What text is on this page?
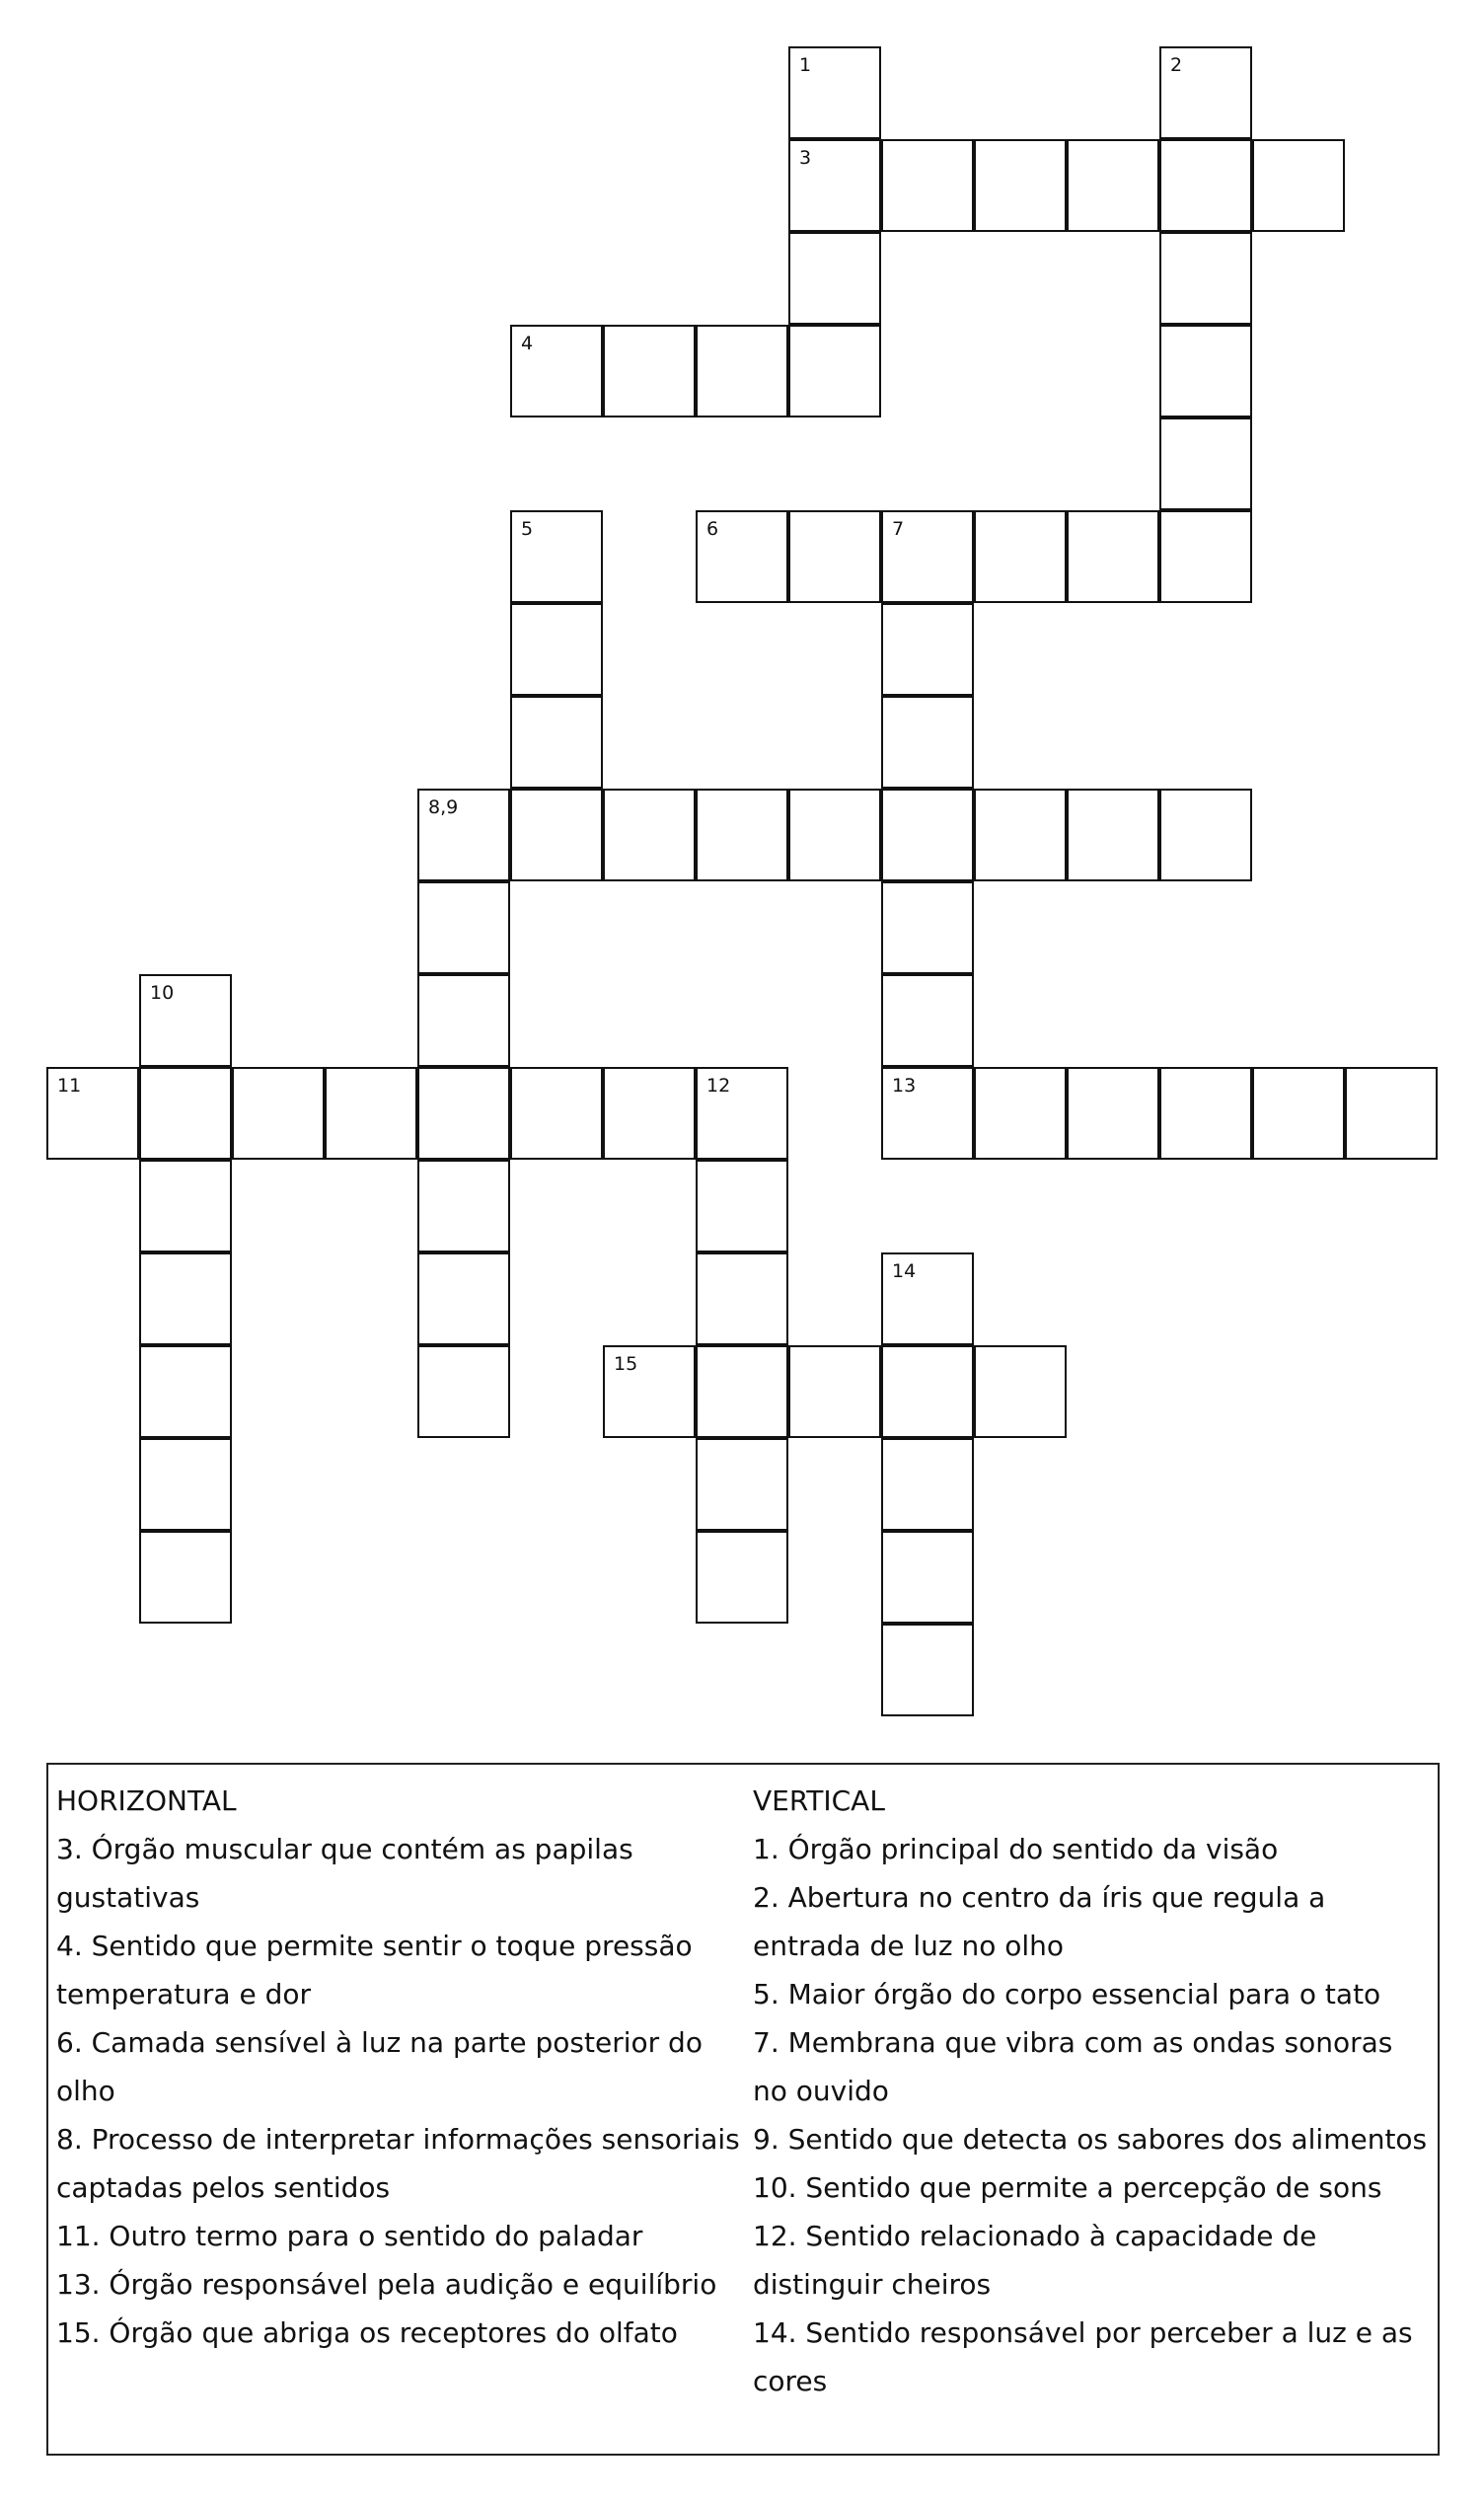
1	2
3
4
5	6	7
8,9
10
11	12	13
14
15
HORIZONTAL
3. Órgão muscular que contém as papilas gustativas
4. Sentido que permite sentir o toque pressão temperatura e dor
6. Camada sensível à luz na parte posterior do olho
8. Processo de interpretar informações sensoriais captadas pelos sentidos
11. Outro termo para o sentido do paladar
13. Órgão responsável pela audição e equilíbrio
15. Órgão que abriga os receptores do olfato
VERTICAL
1. Órgão principal do sentido da visão
2. Abertura no centro da íris que regula a entrada de luz no olho
5. Maior órgão do corpo essencial para o tato
7. Membrana que vibra com as ondas sonoras no ouvido
9. Sentido que detecta os sabores dos alimentos
10. Sentido que permite a percepção de sons
12. Sentido relacionado à capacidade de distinguir cheiros
14. Sentido responsável por perceber a luz e as cores
